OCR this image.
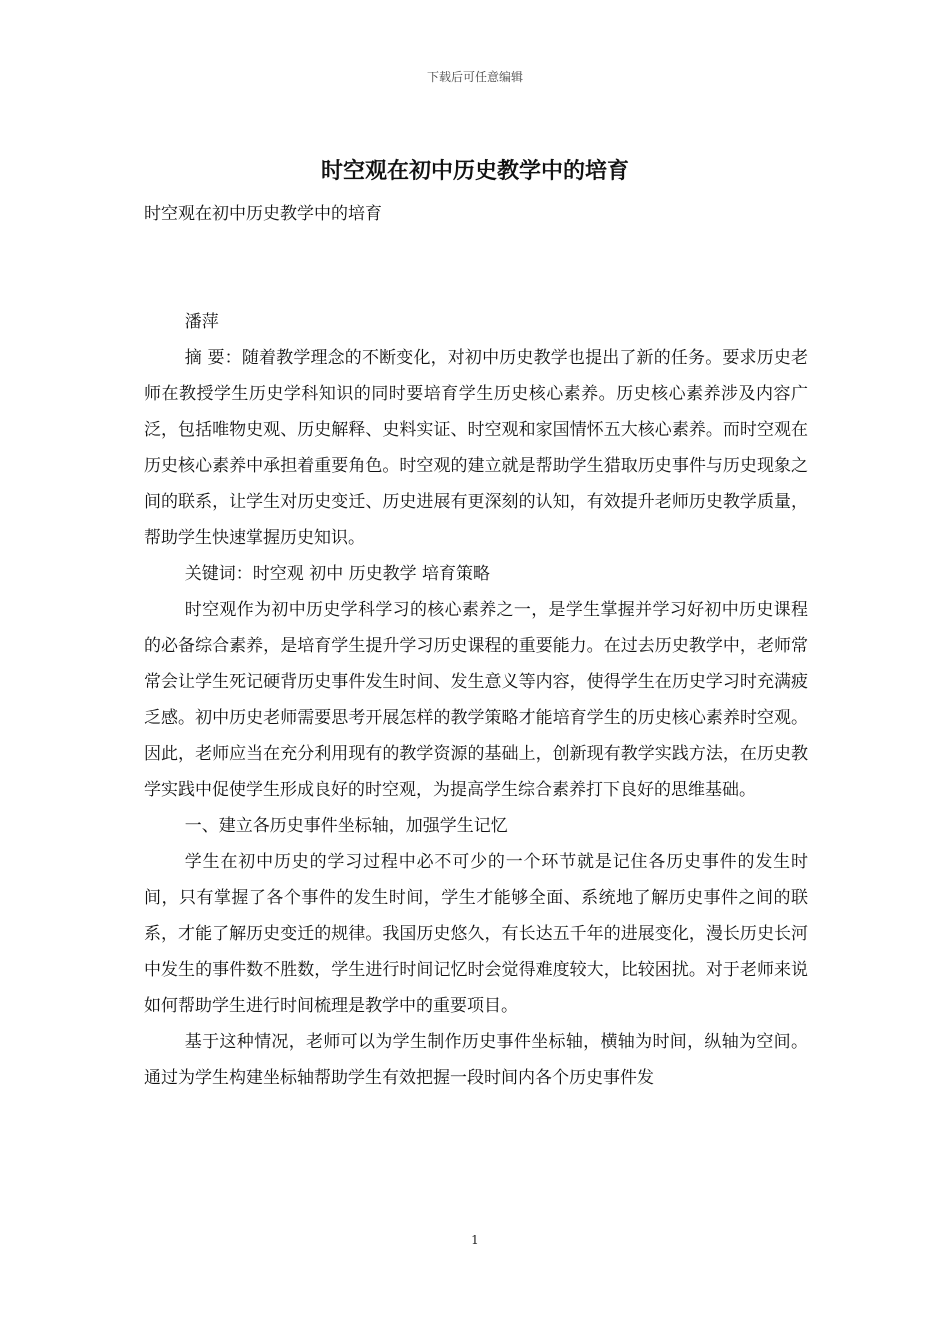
下载后可任意编辑
时空观在初中历史教学中的培育

时空观在初中历史教学中的培育

潘萍

摘 要：随着教学理念的不断变化，对初中历史教学也提出了新的任务。要求历史老师在教授学生历史学科知识的同时要培育学生历史核心素养。历史核心素养涉及内容广泛，包括唯物史观、历史解释、史料实证、时空观和家国情怀五大核心素养。而时空观在历史核心素养中承担着重要角色。时空观的建立就是帮助学生猎取历史事件与历史现象之间的联系，让学生对历史变迁、历史进展有更深刻的认知，有效提升老师历史教学质量，帮助学生快速掌握历史知识。

关键词：时空观 初中 历史教学 培育策略

时空观作为初中历史学科学习的核心素养之一，是学生掌握并学习好初中历史课程的必备综合素养，是培育学生提升学习历史课程的重要能力。在过去历史教学中，老师常常会让学生死记硬背历史事件发生时间、发生意义等内容，使得学生在历史学习时充满疲乏感。初中历史老师需要思考开展怎样的教学策略才能培育学生的历史核心素养时空观。因此，老师应当在充分利用现有的教学资源的基础上，创新现有教学实践方法，在历史教学实践中促使学生形成良好的时空观，为提高学生综合素养打下良好的思维基础。

一、建立各历史事件坐标轴，加强学生记忆

学生在初中历史的学习过程中必不可少的一个环节就是记住各历史事件的发生时间，只有掌握了各个事件的发生时间，学生才能够全面、系统地了解历史事件之间的联系，才能了解历史变迁的规律。我国历史悠久，有长达五千年的进展变化，漫长历史长河中发生的事件数不胜数，学生进行时间记忆时会觉得难度较大，比较困扰。对于老师来说如何帮助学生进行时间梳理是教学中的重要项目。

基于这种情况，老师可以为学生制作历史事件坐标轴，横轴为时间，纵轴为空间。通过为学生构建坐标轴帮助学生有效把握一段时间内各个历史事件发

1
